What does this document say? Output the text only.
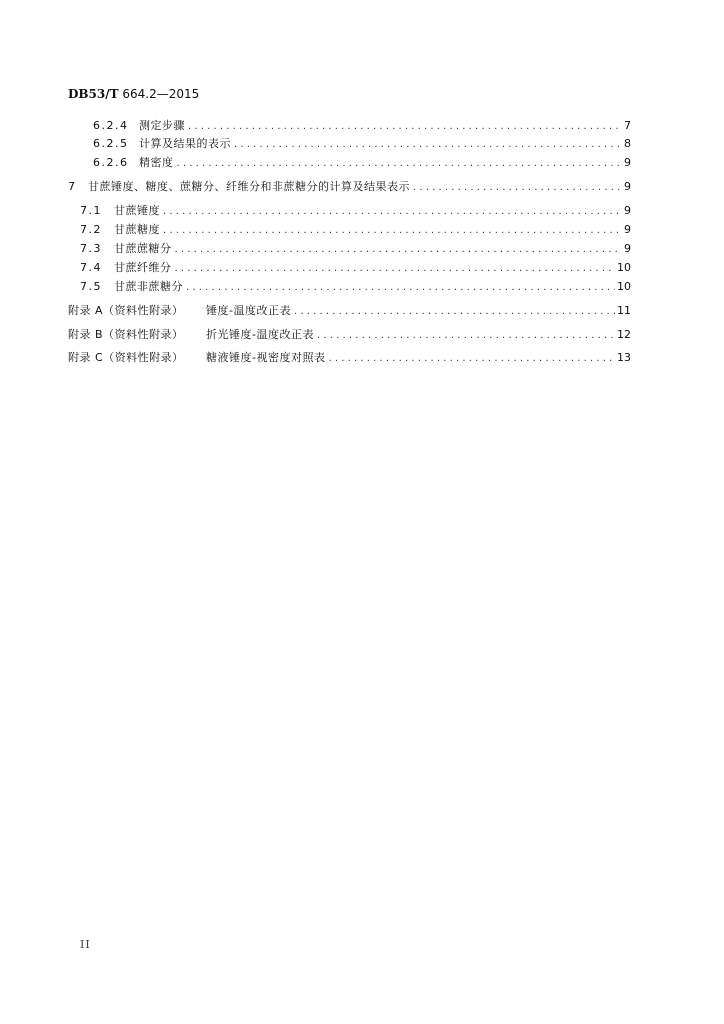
DB53/T 664.2—2015
6.2.4 测定步骤 .....	7
6.2.5 计算及结果的表示 .....	8
6.2.6 精密度 .....	9
7	甘蔗锤度、糖度、蔗糖分、纤维分和非蔗糖分的计算及结果表示 .....	9
7.1	甘蔗锤度 .....	9
7.2	甘蔗糖度 .....	9
7.3	甘蔗蔗糖分 .....	9
7.4	甘蔗纤维分 .....	10
7.5	甘蔗非蔗糖分 .....	10
附录 A（资料性附录）	锤度-温度改正表 .....	11
附录 B（资料性附录）	折光锤度-温度改正表 .....	12
附录 C（资料性附录）	糖液锤度-视密度对照表 .....	13
II
